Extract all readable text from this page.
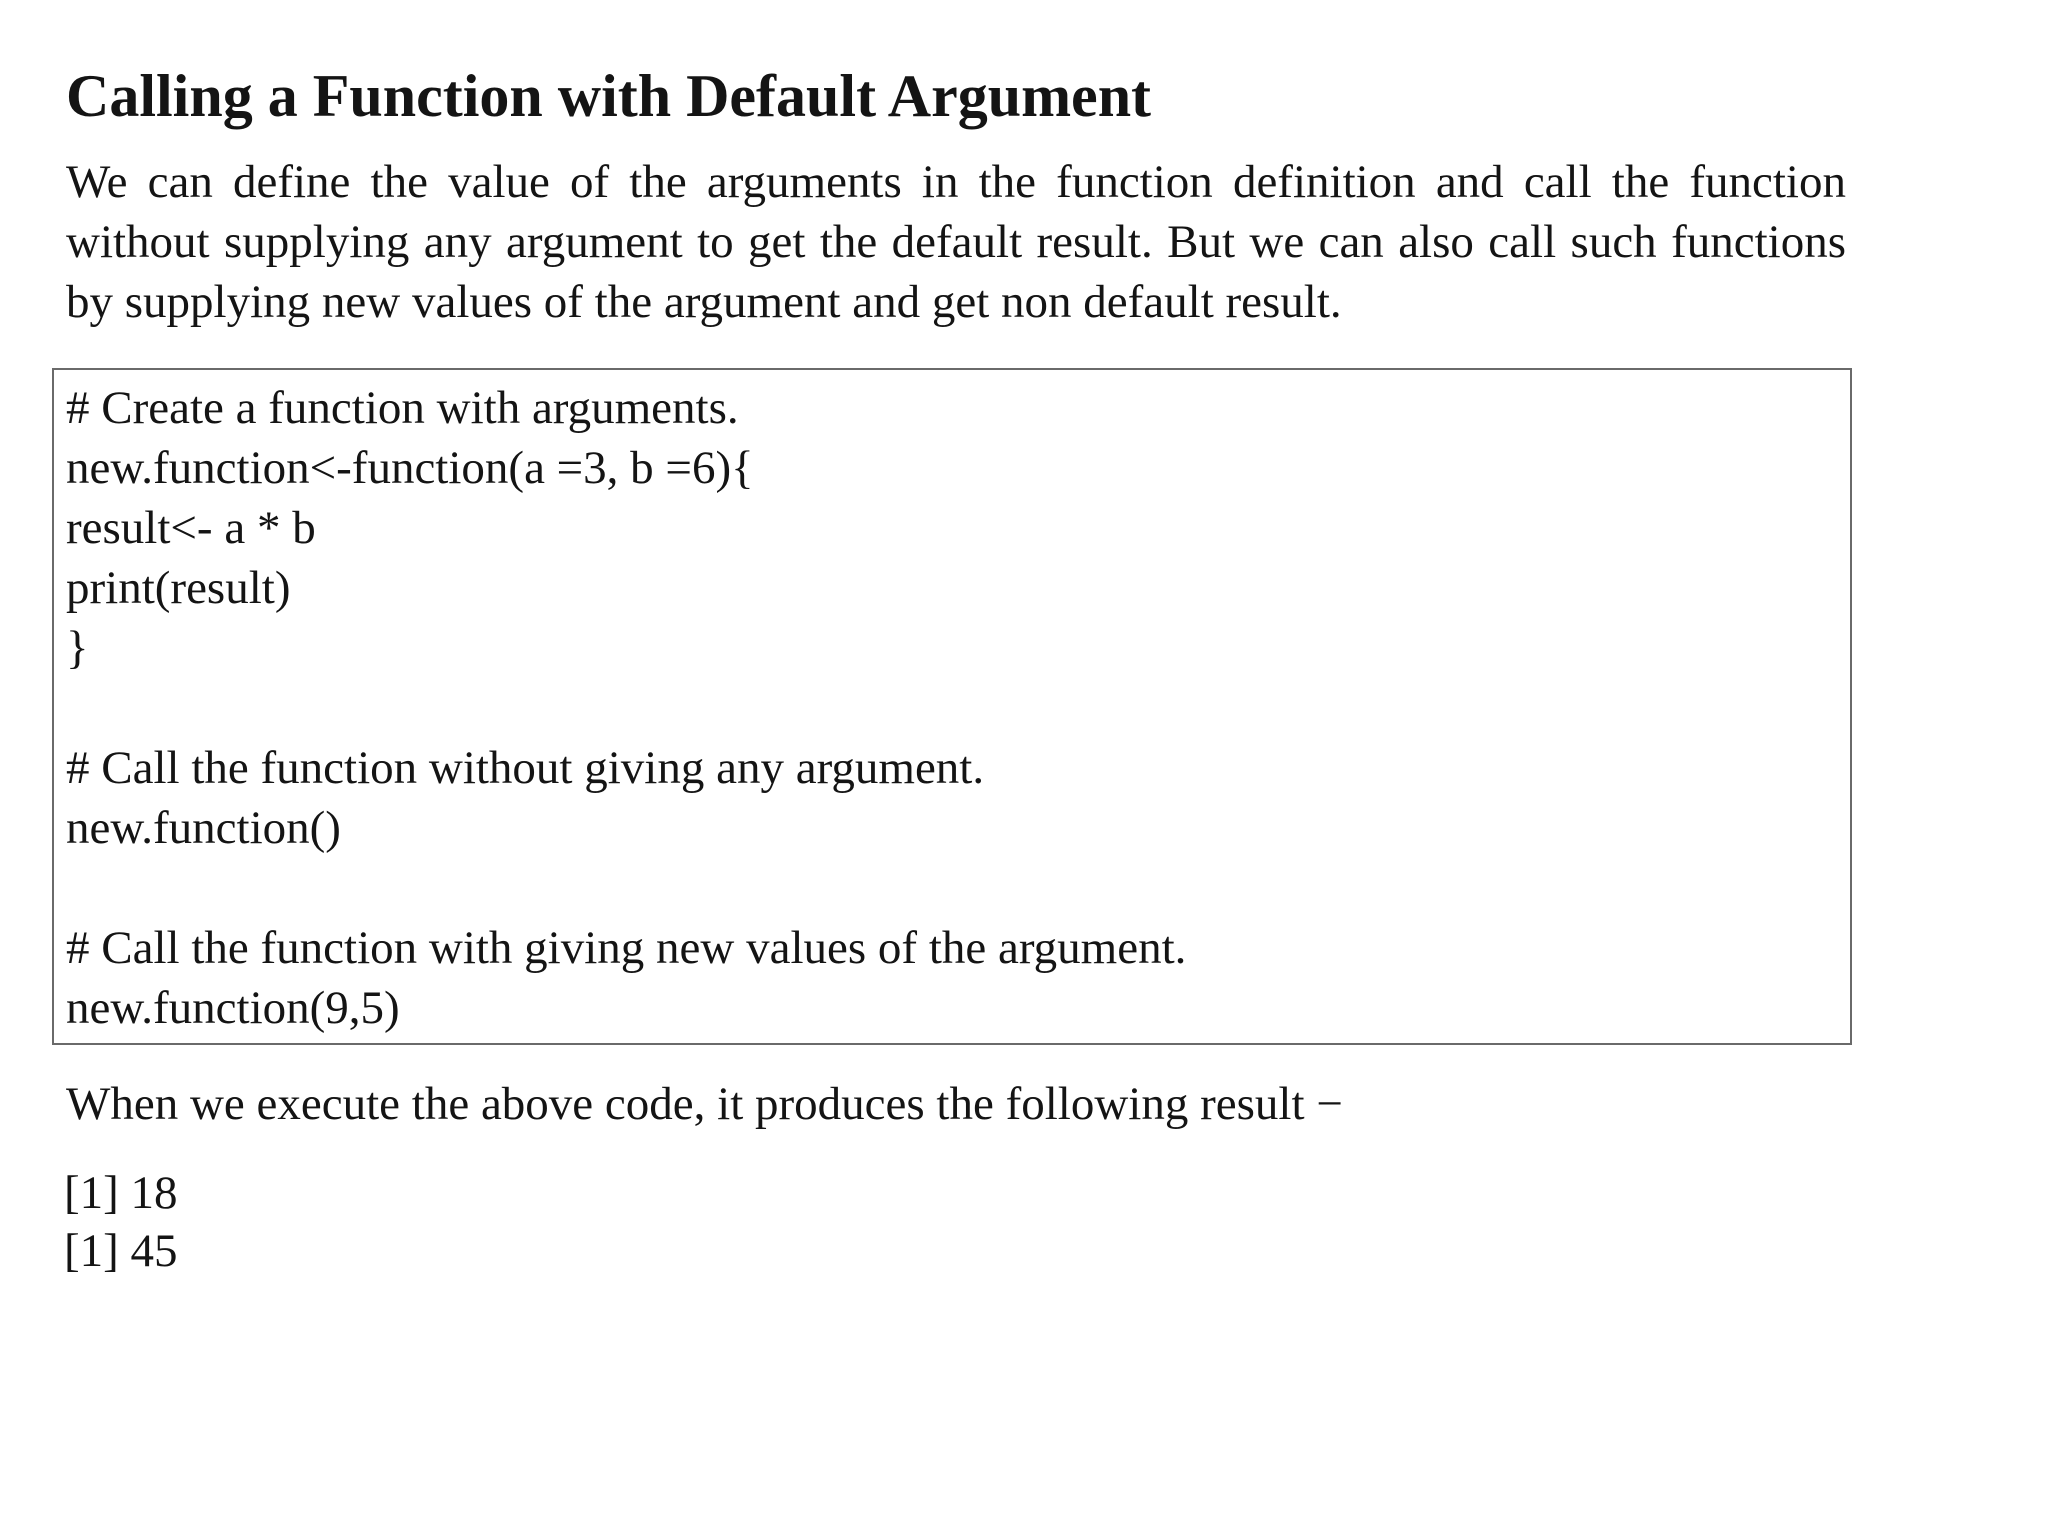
Calling a Function with Default Argument

We can define the value of the arguments in the function definition and call the function without supplying any argument to get the default result. But we can also call such functions by supplying new values of the argument and get non default result.

# Create a function with arguments.
new.function<-function(a =3, b =6){
result<- a * b
print(result)
}
# Call the function without giving any argument.
new.function()
# Call the function with giving new values of the argument.
new.function(9,5)

When we execute the above code, it produces the following result −

[1] 18
[1] 45
